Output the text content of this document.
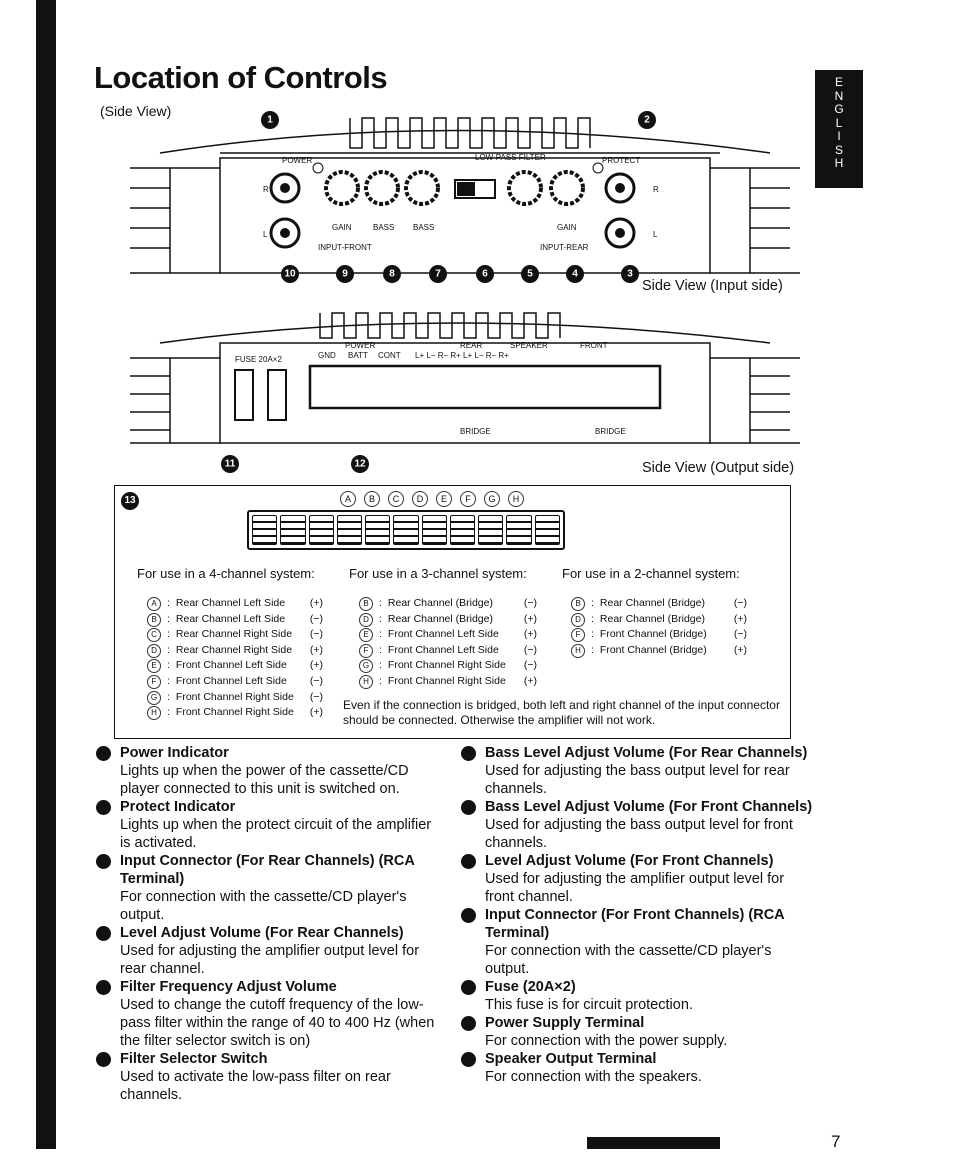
Location of Controls
(Side View)
E
N
G
L
I
S
H
POWER	LOW-PASS FILTER	PROTECT
GAIN	BASS BASS	GAIN
INPUT-FRONT	INPUT-REAR
R
L
R
L
FUSE 20A×2
POWER	SPEAKER
REAR	FRONT
GND BATT CONT L+ L− R− R+ L+ L− R− R+
BRIDGE	BRIDGE
1	2
3
4
5
6
7
8
9
10
11	12
Side View (Input side)
Side View (Output side)
13	A	B	C	D	E	F	G	H
For use in a 4-channel system:	For use in a 3-channel system:	For use in a 2-channel system:
A : Rear Channel Left Side	(+)
B : Rear Channel Left Side	(−)
C : Rear Channel Right Side	(−)
D : Rear Channel Right Side	(+)
E : Front Channel Left Side	(+)
F	: Front Channel Left Side	(−)
G : Front Channel Right Side	(−)
H : Front Channel Right Side	(+)
B : Rear Channel (Bridge)	(−)
D : Rear Channel (Bridge)	(+)
E : Front Channel Left Side	(+)
F	: Front Channel Left Side	(−)
G : Front Channel Right Side	(−)
H : Front Channel Right Side	(+)
B : Rear Channel (Bridge)	(−)
D : Rear Channel (Bridge)	(+)
F	: Front Channel (Bridge)	(−)
H : Front Channel (Bridge)	(+)
Even if the connection is bridged, both left and right channel of the input connector should be connected. Otherwise the amplifier will not work.
Power Indicator
Lights up when the power of the cassette/CD player connected to this unit is switched on.
Protect Indicator
Lights up when the protect circuit of the amplifier is activated.
Input Connector (For Rear Channels) (RCA Terminal)
For connection with the cassette/CD player's output.
Level Adjust Volume (For Rear Channels)
Used for adjusting the amplifier output level for rear channel.
Filter Frequency Adjust Volume
Used to change the cutoff frequency of the low-pass filter within the range of 40 to 400 Hz (when the filter selector switch is on)
Filter Selector Switch
Used to activate the low-pass filter on rear channels.
Bass Level Adjust Volume (For Rear Channels)
Used for adjusting the bass output level for rear channels.
Bass Level Adjust Volume (For Front Channels)
Used for adjusting the bass output level for front channels.
Level Adjust Volume (For Front Channels)
Used for adjusting the amplifier output level for front channel.
Input Connector (For Front Channels) (RCA Terminal)
For connection with the cassette/CD player's output.
Fuse (20A×2)
This fuse is for circuit protection.
Power Supply Terminal
For connection with the power supply.
Speaker Output Terminal
For connection with the speakers.
7
